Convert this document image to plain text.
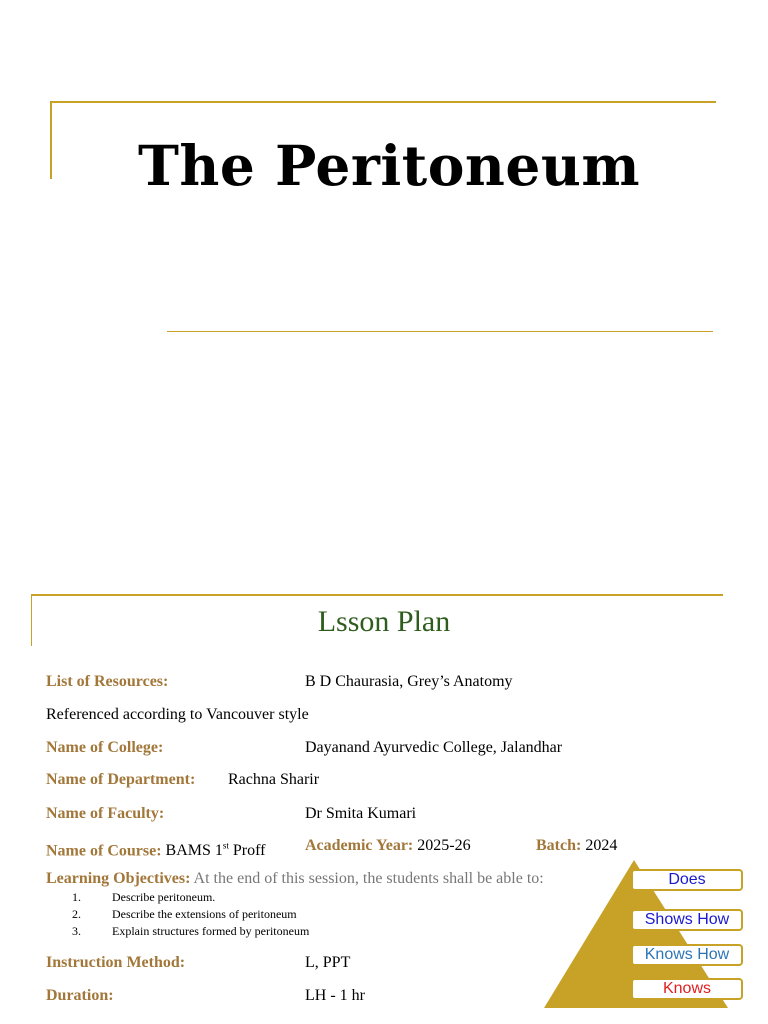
The Peritoneum
Lsson Plan
List of Resources:	B D Chaurasia, Grey’s Anatomy
Referenced according to Vancouver style
Name of College:	Dayanand Ayurvedic College, Jalandhar
Name of Department: Rachna Sharir
Name of Faculty:	Dr Smita Kumari
Name of Course: BAMS 1st Proff Academic Year: 2025-26	Batch: 2024
Learning Objectives: At the end of this session, the students shall be able to:
1.	Describe peritoneum.
2.	Describe the extensions of peritoneum
3.	Explain structures formed by peritoneum
Instruction Method:	L, PPT
Duration:	LH - 1 hr
Does
Shows How
Knows How
Knows
